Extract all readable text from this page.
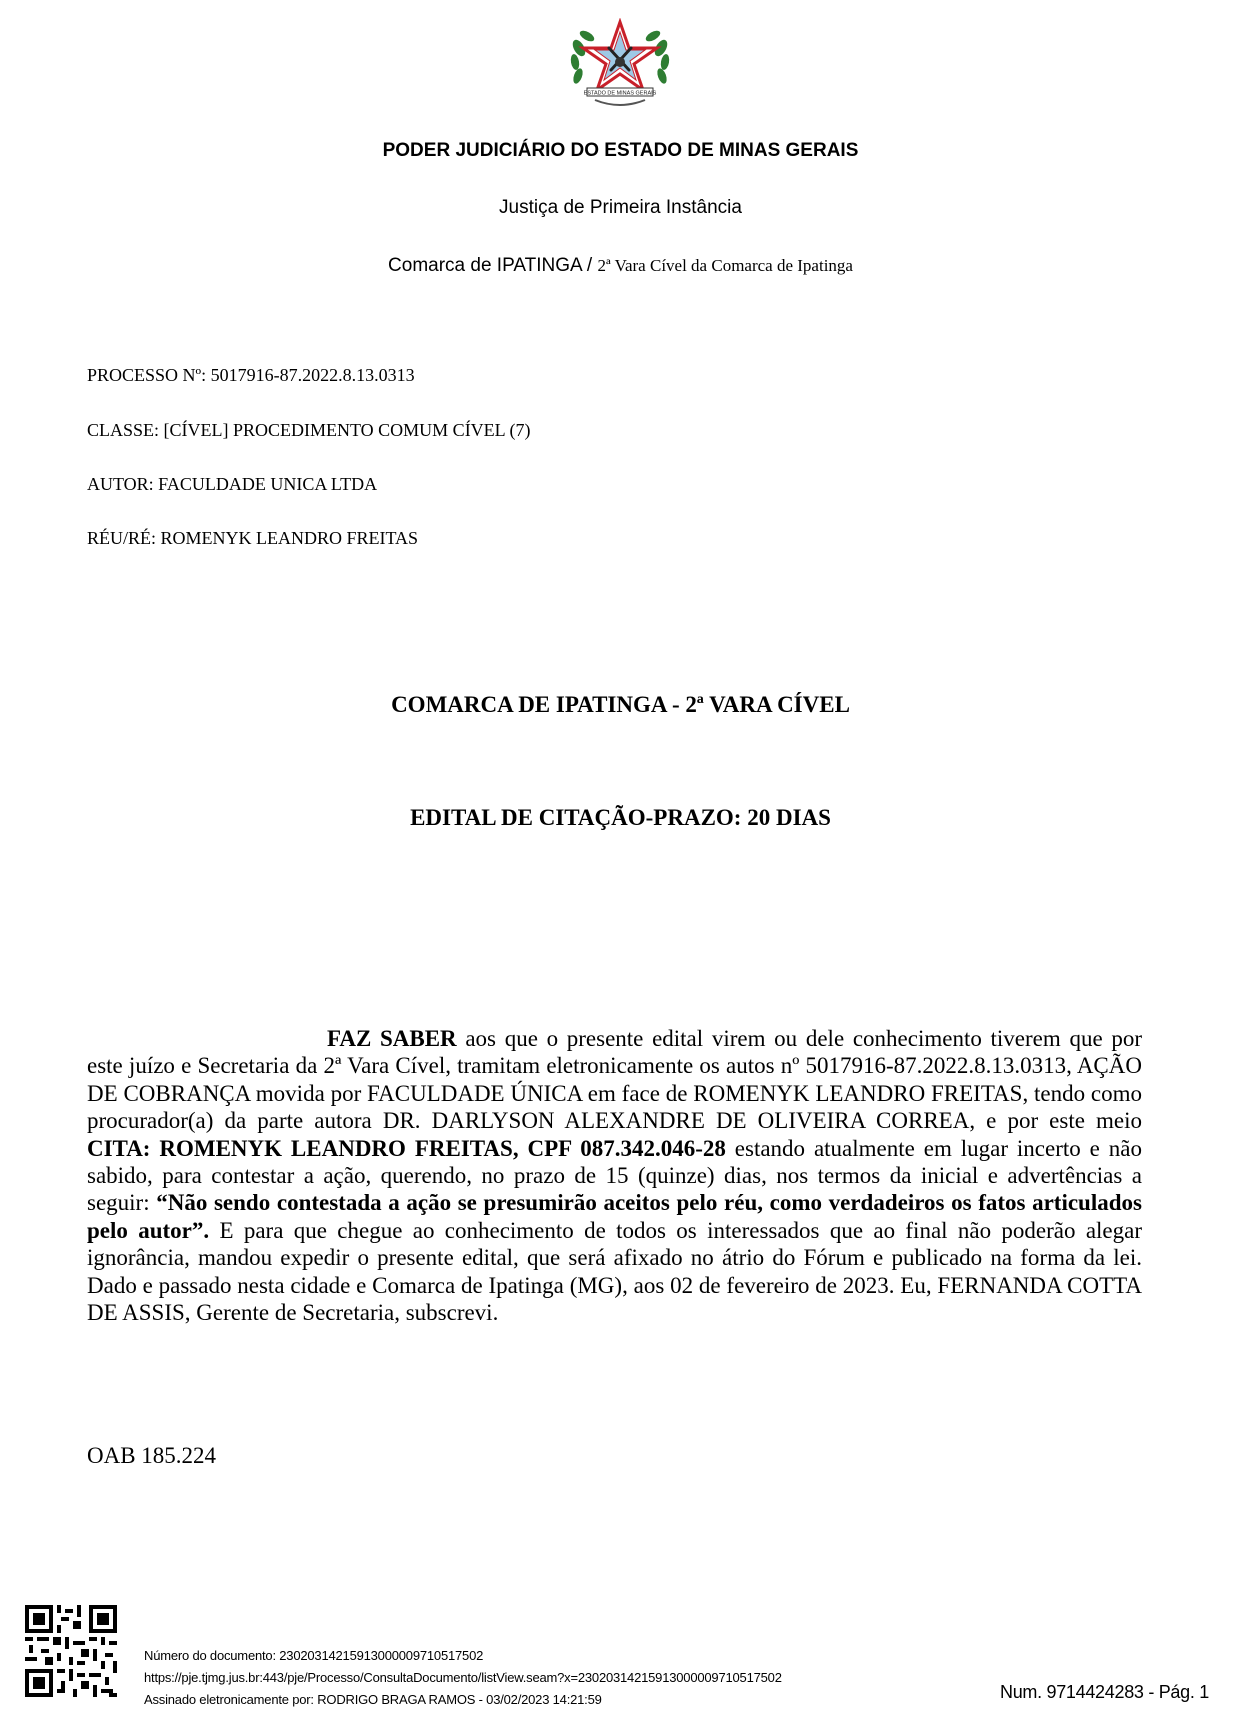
ESTADO DE MINAS GERAIS
PODER JUDICIÁRIO DO ESTADO DE MINAS GERAIS
Justiça de Primeira Instância
Comarca de IPATINGA / 2ª Vara Cível da Comarca de Ipatinga
PROCESSO Nº: 5017916-87.2022.8.13.0313
CLASSE: [CÍVEL] PROCEDIMENTO COMUM CÍVEL (7)
AUTOR: FACULDADE UNICA LTDA
RÉU/RÉ: ROMENYK LEANDRO FREITAS
COMARCA DE IPATINGA - 2ª VARA CÍVEL
EDITAL DE CITAÇÃO-PRAZO: 20 DIAS
FAZ SABER aos que o presente edital virem ou dele conhecimento tiverem que por este juízo e Secretaria da 2ª Vara Cível, tramitam eletronicamente os autos nº 5017916-87.2022.8.13.0313, AÇÃO DE COBRANÇA movida por FACULDADE ÚNICA em face de ROMENYK LEANDRO FREITAS, tendo como procurador(a) da parte autora DR. DARLYSON ALEXANDRE DE OLIVEIRA CORREA, e por este meio CITA: ROMENYK LEANDRO FREITAS, CPF 087.342.046-28 estando atualmente em lugar incerto e não sabido, para contestar a ação, querendo, no prazo de 15 (quinze) dias, nos termos da inicial e advertências a seguir: “Não sendo contestada a ação se presumirão aceitos pelo réu, como verdadeiros os fatos articulados pelo autor”. E para que chegue ao conhecimento de todos os interessados que ao final não poderão alegar ignorância, mandou expedir o presente edital, que será afixado no átrio do Fórum e publicado na forma da lei. Dado e passado nesta cidade e Comarca de Ipatinga (MG), aos 02 de fevereiro de 2023. Eu, FERNANDA COTTA DE ASSIS, Gerente de Secretaria, subscrevi.
OAB 185.224
Número do documento: 23020314215913000009710517502
https://pje.tjmg.jus.br:443/pje/Processo/ConsultaDocumento/listView.seam?x=23020314215913000009710517502
Assinado eletronicamente por: RODRIGO BRAGA RAMOS - 03/02/2023 14:21:59	Num. 9714424283 - Pág. 1
